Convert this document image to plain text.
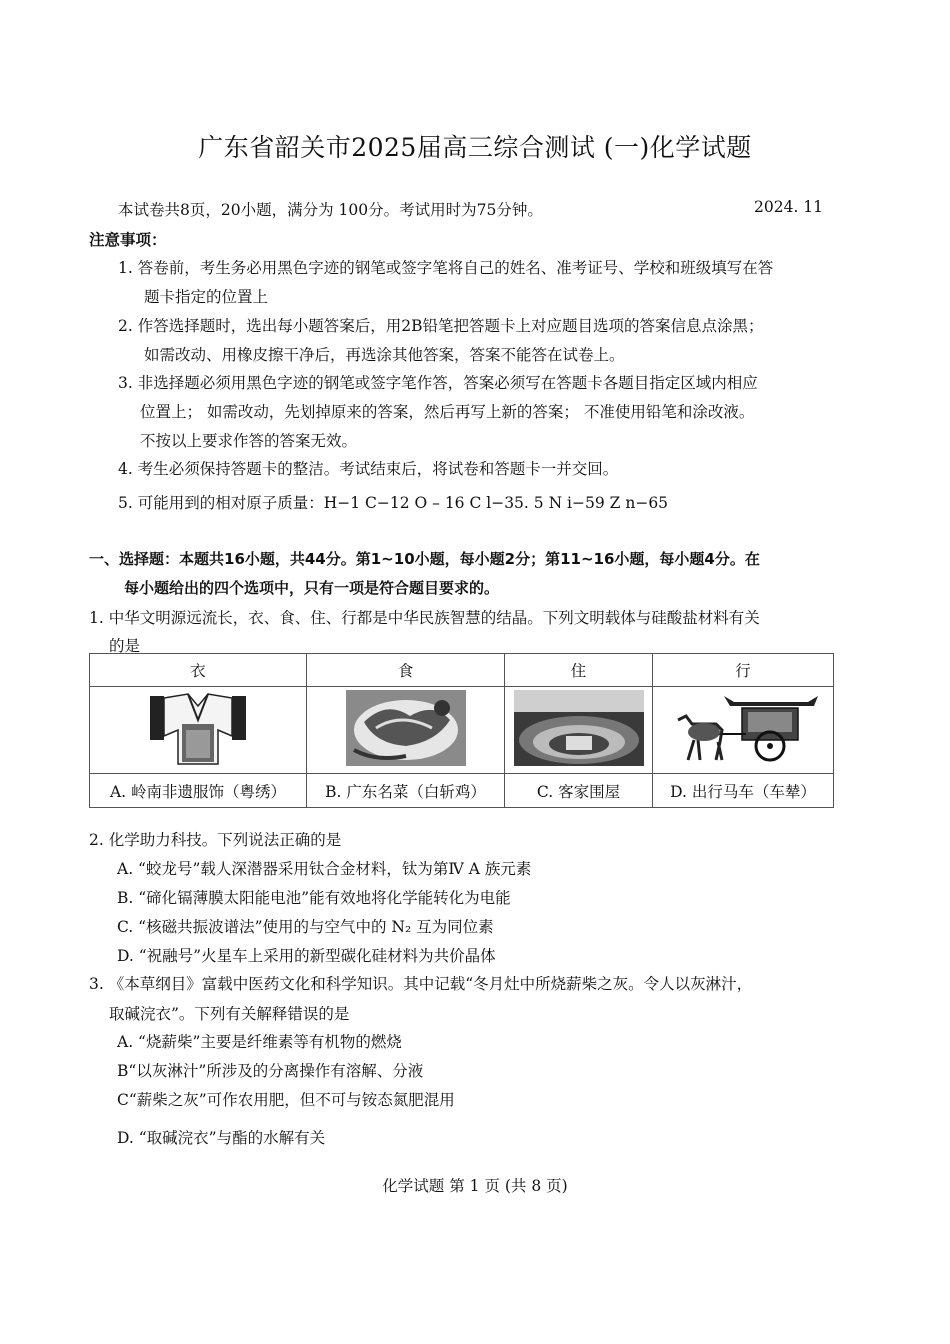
广东省韶关市2025届高三综合测试 (一)化学试题
本试卷共8页，20小题，满分为 100分。考试用时为75分钟。	2024. 11
注意事项：
1. 答卷前，考生务必用黑色字迹的钢笔或签字笔将自己的姓名、准考证号、学校和班级填写在答
题卡指定的位置上
2. 作答选择题时，选出每小题答案后，用2B铅笔把答题卡上对应题目选项的答案信息点涂黑；
如需改动、用橡皮擦干净后，再选涂其他答案，答案不能答在试卷上。
3. 非选择题必须用黑色字迹的钢笔或签字笔作答，答案必须写在答题卡各题目指定区域内相应
位置上； 如需改动，先划掉原来的答案，然后再写上新的答案； 不准使用铅笔和涂改液。
不按以上要求作答的答案无效。
4. 考生必须保持答题卡的整洁。考试结束后，将试卷和答题卡一并交回。
5. 可能用到的相对原子质量：H−1 C−12 O – 16 C l−35. 5 N i−59 Z n−65
一、选择题：本题共16小题，共44分。第1~10小题，每小题2分；第11~16小题，每小题4分。在
每小题给出的四个选项中，只有一项是符合题目要求的。
1. 中华文明源远流长，衣、食、住、行都是中华民族智慧的结晶。下列文明载体与硅酸盐材料有关
的是
衣	食	住	行

A. 岭南非遗服饰（粤绣）	B. 广东名菜（白斩鸡）	C. 客家围屋	D. 出行马车（车辇）
2. 化学助力科技。下列说法正确的是
A. “蛟龙号”载人深潜器采用钛合金材料，钛为第Ⅳ A 族元素
B. “碲化镉薄膜太阳能电池”能有效地将化学能转化为电能
C. “核磁共振波谱法”使用的与空气中的 N₂ 互为同位素
D. “祝融号”火星车上采用的新型碳化硅材料为共价晶体
3. 《本草纲目》富载中医药文化和科学知识。其中记载“冬月灶中所烧薪柴之灰。令人以灰淋汁，
取碱浣衣”。下列有关解释错误的是
A. “烧薪柴”主要是纤维素等有机物的燃烧
B“以灰淋汁”所涉及的分离操作有溶解、分液
C“薪柴之灰”可作农用肥，但不可与铵态氮肥混用
D. “取碱浣衣”与酯的水解有关
化学试题 第 1 页 (共 8 页)
